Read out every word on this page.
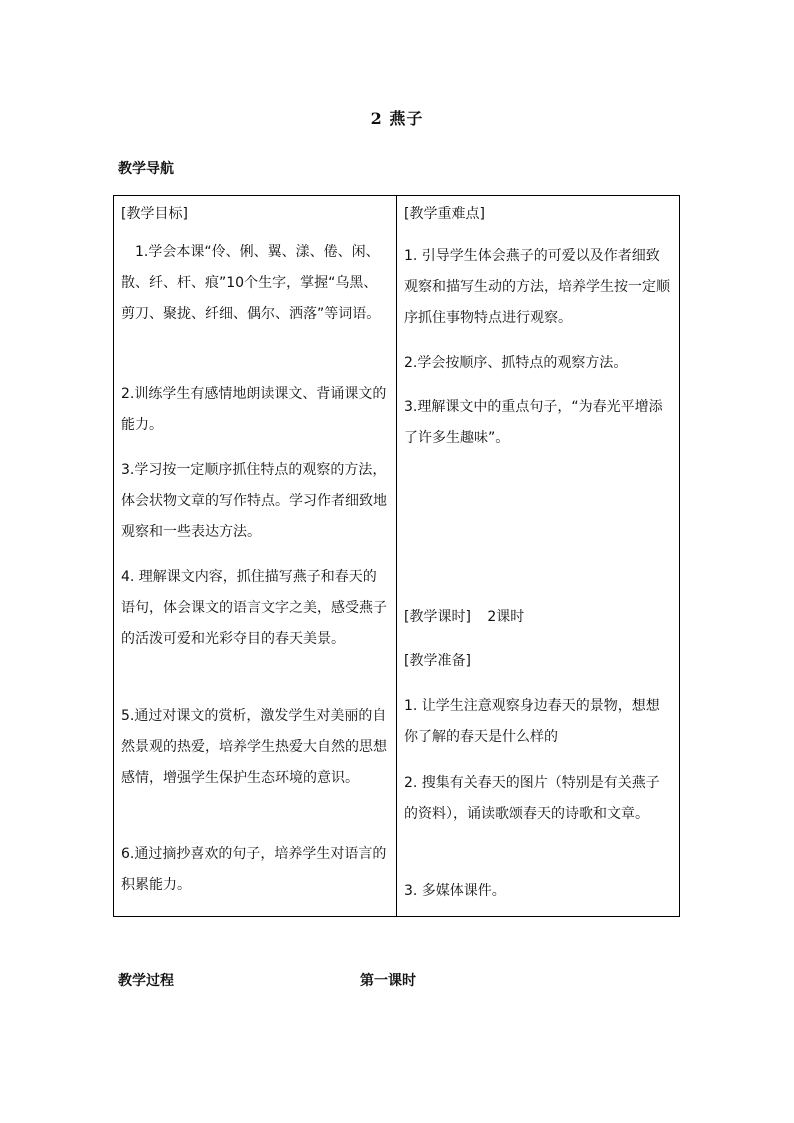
2 燕子
教学导航

[教学目标]

　1.学会本课“伶、俐、翼、漾、倦、闲、散、纤、杆、痕”10个生字，掌握“乌黑、剪刀、聚拢、纤细、偶尔、洒落”等词语。

2.训练学生有感情地朗读课文、背诵课文的能力。

3.学习按一定顺序抓住特点的观察的方法，体会状物文章的写作特点。学习作者细致地观察和一些表达方法。

4. 理解课文内容，抓住描写燕子和春天的语句，体会课文的语言文字之美，感受燕子的活泼可爱和光彩夺目的春天美景。

5.通过对课文的赏析，激发学生对美丽的自然景观的热爱，培养学生热爱大自然的思想感情，增强学生保护生态环境的意识。

6.通过摘抄喜欢的句子，培养学生对语言的积累能力。

[教学重难点]

1. 引导学生体会燕子的可爱以及作者细致观察和描写生动的方法，培养学生按一定顺序抓住事物特点进行观察。

2.学会按顺序、抓特点的观察方法。

3.理解课文中的重点句子，“为春光平增添了许多生趣味”。

[教学课时] 2课时

[教学准备]

1. 让学生注意观察身边春天的景物，想想你了解的春天是什么样的

2. 搜集有关春天的图片（特别是有关燕子的资料），诵读歌颂春天的诗歌和文章。

3. 多媒体课件。

教学过程	第一课时
